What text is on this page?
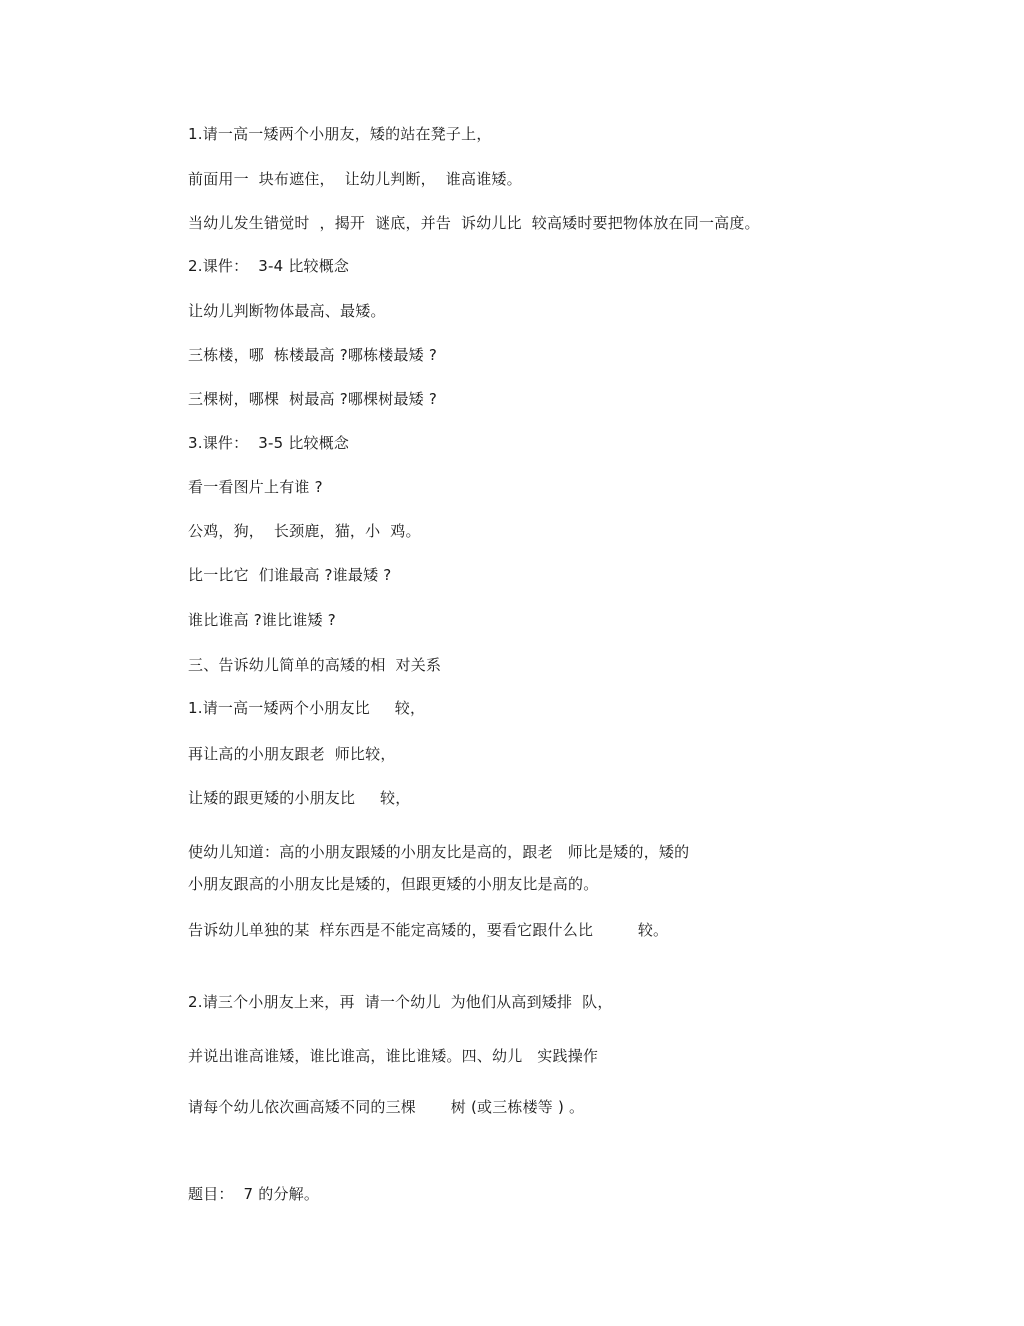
1.请一高一矮两个小朋友，矮的站在凳子上，
前面用一  块布遮住，  让幼儿判断，  谁高谁矮。
当幼儿发生错觉时  ，揭开  谜底，并告  诉幼儿比  较高矮时要把物体放在同一高度。
2.课件：  3-4 比较概念
让幼儿判断物体最高、最矮。
三栋楼，哪  栋楼最高 ?哪栋楼最矮 ?
三棵树，哪棵  树最高 ?哪棵树最矮 ?
3.课件：  3-5 比较概念
看一看图片上有谁 ?
公鸡，狗，  长颈鹿，猫，小  鸡。
比一比它  们谁最高 ?谁最矮 ?
谁比谁高 ?谁比谁矮 ?
三、告诉幼儿简单的高矮的相  对关系
1.请一高一矮两个小朋友比     较，
再让高的小朋友跟老  师比较，
让矮的跟更矮的小朋友比     较，
使幼儿知道：高的小朋友跟矮的小朋友比是高的，跟老   师比是矮的，矮的
小朋友跟高的小朋友比是矮的，但跟更矮的小朋友比是高的。
告诉幼儿单独的某  样东西是不能定高矮的，要看它跟什么比         较。
2.请三个小朋友上来，再  请一个幼儿  为他们从高到矮排  队，
并说出谁高谁矮，谁比谁高，谁比谁矮。四、幼儿   实践操作
请每个幼儿依次画高矮不同的三棵       树 (或三栋楼等 ) 。
题目：  7 的分解。
